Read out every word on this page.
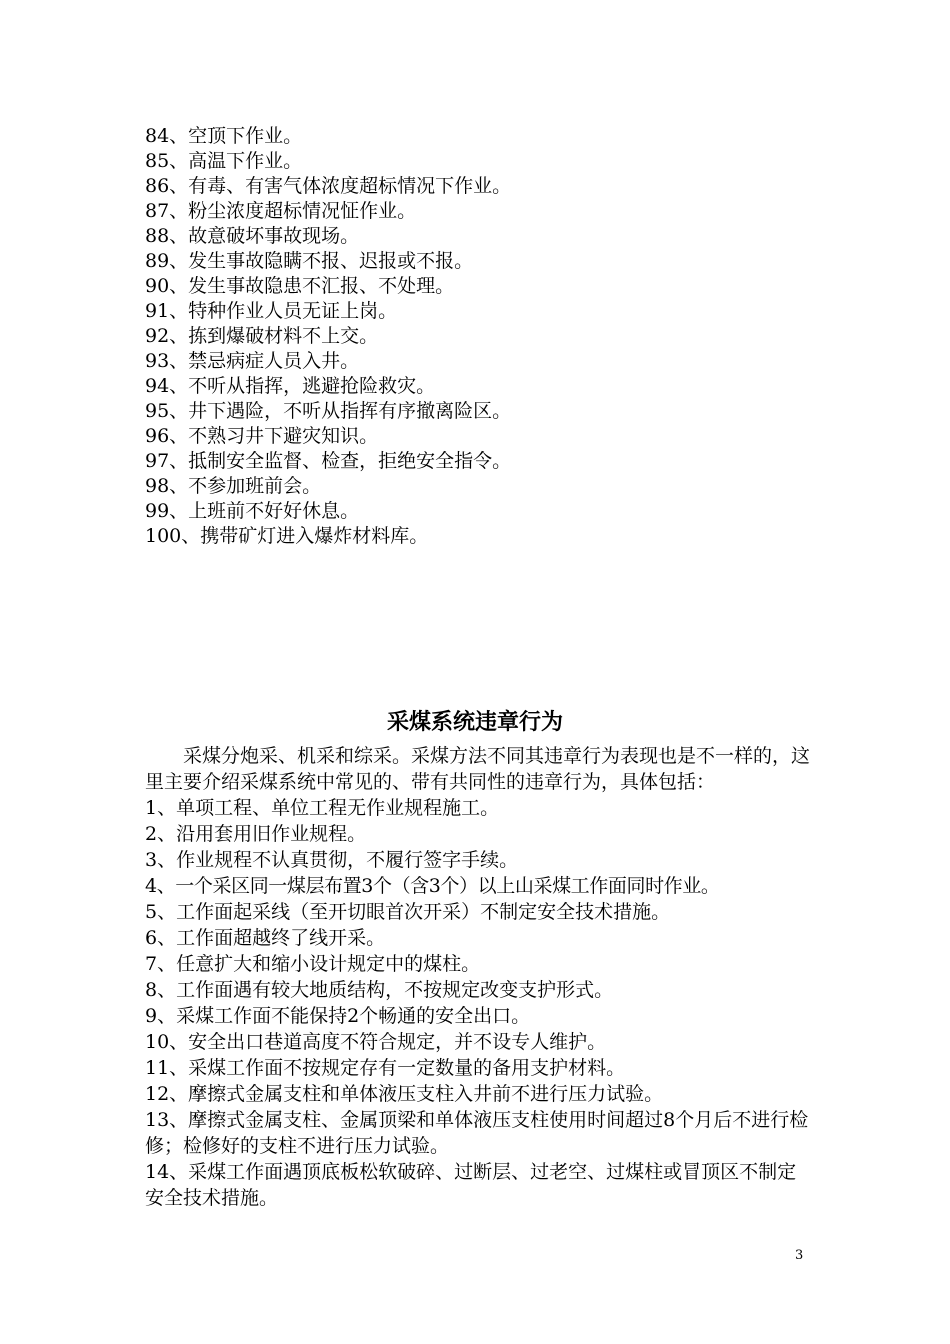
84、空顶下作业。
85、高温下作业。
86、有毒、有害气体浓度超标情况下作业。
87、粉尘浓度超标情况怔作业。
88、故意破坏事故现场。
89、发生事故隐瞒不报、迟报或不报。
90、发生事故隐患不汇报、不处理。
91、特种作业人员无证上岗。
92、拣到爆破材料不上交。
93、禁忌病症人员入井。
94、不听从指挥，逃避抢险救灾。
95、井下遇险，不听从指挥有序撤离险区。
96、不熟习井下避灾知识。
97、抵制安全监督、检查，拒绝安全指令。
98、不参加班前会。
99、上班前不好好休息。
100、携带矿灯进入爆炸材料库。
采煤系统违章行为

采煤分炮采、机采和综采。采煤方法不同其违章行为表现也是不一样的，这里主要介绍采煤系统中常见的、带有共同性的违章行为，具体包括：

1、单项工程、单位工程无作业规程施工。
2、沿用套用旧作业规程。
3、作业规程不认真贯彻，不履行签字手续。
4、一个采区同一煤层布置3个（含3个）以上山采煤工作面同时作业。
5、工作面起采线（至开切眼首次开采）不制定安全技术措施。
6、工作面超越终了线开采。
7、任意扩大和缩小设计规定中的煤柱。
8、工作面遇有较大地质结构，不按规定改变支护形式。
9、采煤工作面不能保持2个畅通的安全出口。
10、安全出口巷道高度不符合规定，并不设专人维护。
11、采煤工作面不按规定存有一定数量的备用支护材料。
12、摩擦式金属支柱和单体液压支柱入井前不进行压力试验。

13、摩擦式金属支柱、金属顶梁和单体液压支柱使用时间超过8个月后不进行检修；检修好的支柱不进行压力试验。

14、采煤工作面遇顶底板松软破碎、过断层、过老空、过煤柱或冒顶区不制定安全技术措施。

3
